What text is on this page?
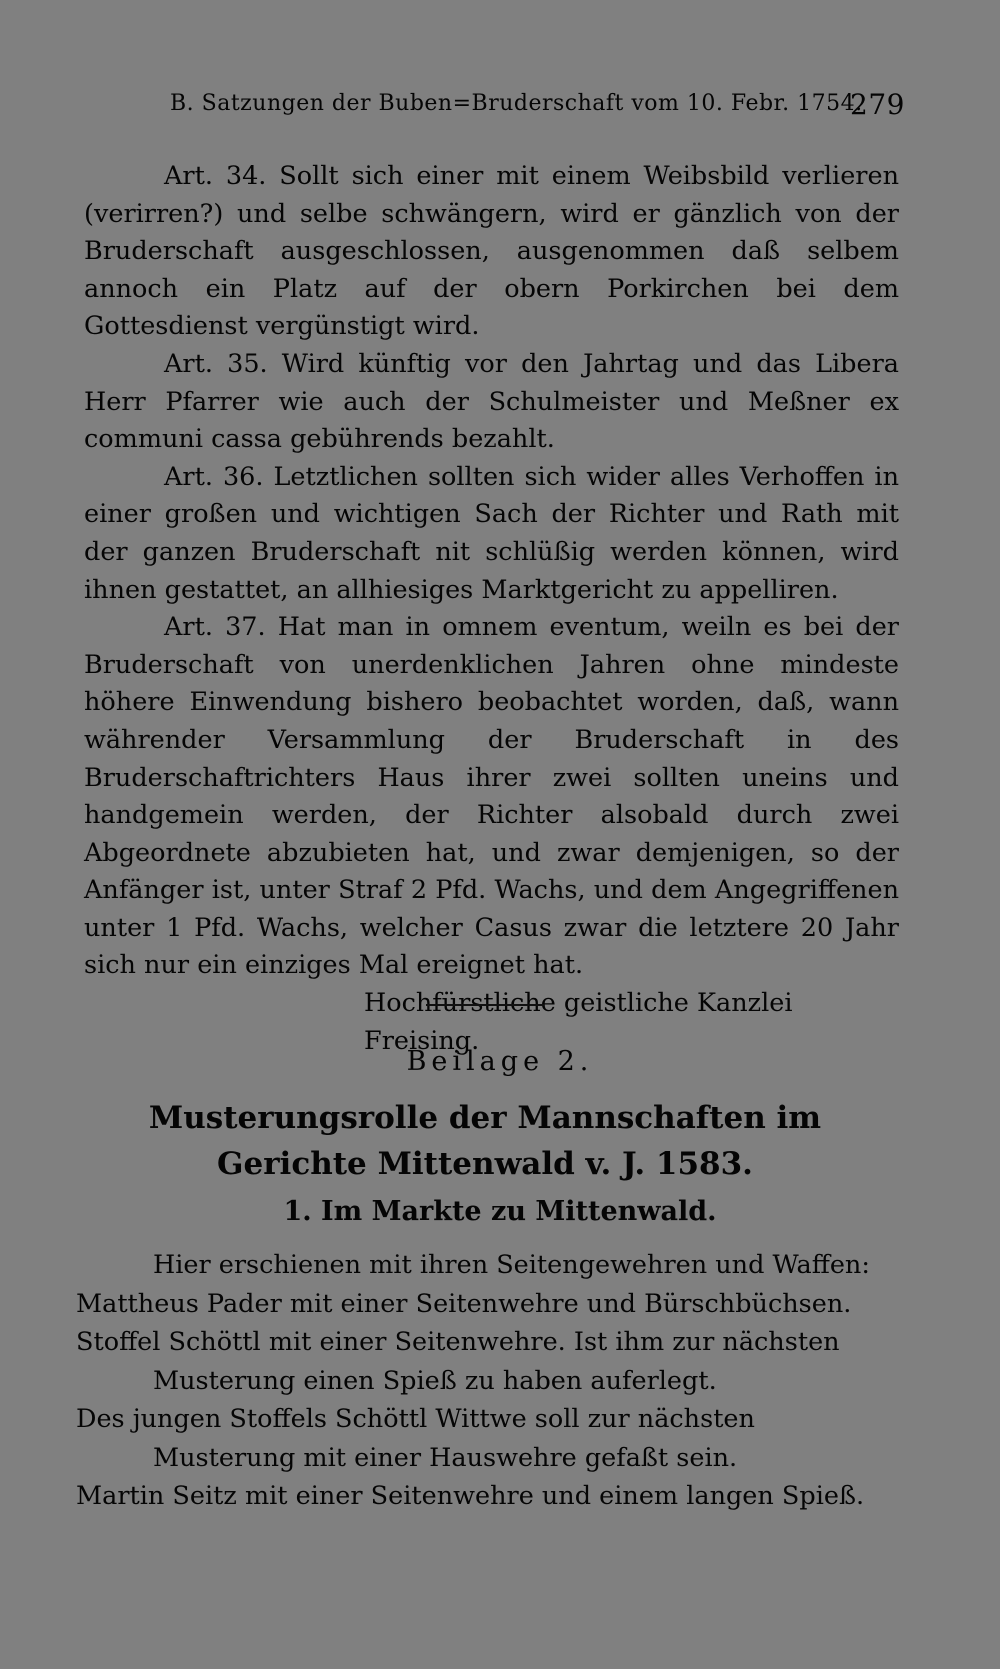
B. Satzungen der Buben=Bruderschaft vom 10. Febr. 1754.
279

Art. 34. Sollt sich einer mit einem Weibsbild verlieren (verirren?) und selbe schwängern, wird er gänzlich von der Bruderschaft ausgeschlossen, ausgenommen daß selbem annoch ein Platz auf der obern Porkirchen bei dem Gottesdienst vergünstigt wird.

Art. 35. Wird künftig vor den Jahrtag und das Libera Herr Pfarrer wie auch der Schulmeister und Meßner ex communi cassa gebührends bezahlt.

Art. 36. Letztlichen sollten sich wider alles Verhoffen in einer großen und wichtigen Sach der Richter und Rath mit der ganzen Bruderschaft nit schlüßig werden können, wird ihnen gestattet, an allhiesiges Marktgericht zu appelliren.

Art. 37. Hat man in omnem eventum, weiln es bei der Bruderschaft von unerdenklichen Jahren ohne mindeste höhere Einwendung bishero beobachtet worden, daß, wann währender Versammlung der Bruderschaft in des Bruderschaftrichters Haus ihrer zwei sollten uneins und handgemein werden, der Richter alsobald durch zwei Abgeordnete abzubieten hat, und zwar demjenigen, so der Anfänger ist, unter Straf 2 Pfd. Wachs, und dem Angegriffenen unter 1 Pfd. Wachs, welcher Casus zwar die letztere 20 Jahr sich nur ein einziges Mal ereignet hat.

Hochfürstliche geistliche Kanzlei Freising.

Beilage 2.
Musterungsrolle der Mannschaften im Gerichte Mittenwald v. J. 1583.
1. Im Markte zu Mittenwald.

Hier erschienen mit ihren Seitengewehren und Waffen:

Mattheus Pader mit einer Seitenwehre und Bürschbüchsen.

Stoffel Schöttl mit einer Seitenwehre. Ist ihm zur nächsten Musterung einen Spieß zu haben auferlegt.

Des jungen Stoffels Schöttl Wittwe soll zur nächsten Musterung mit einer Hauswehre gefaßt sein.

Martin Seitz mit einer Seitenwehre und einem langen Spieß.
